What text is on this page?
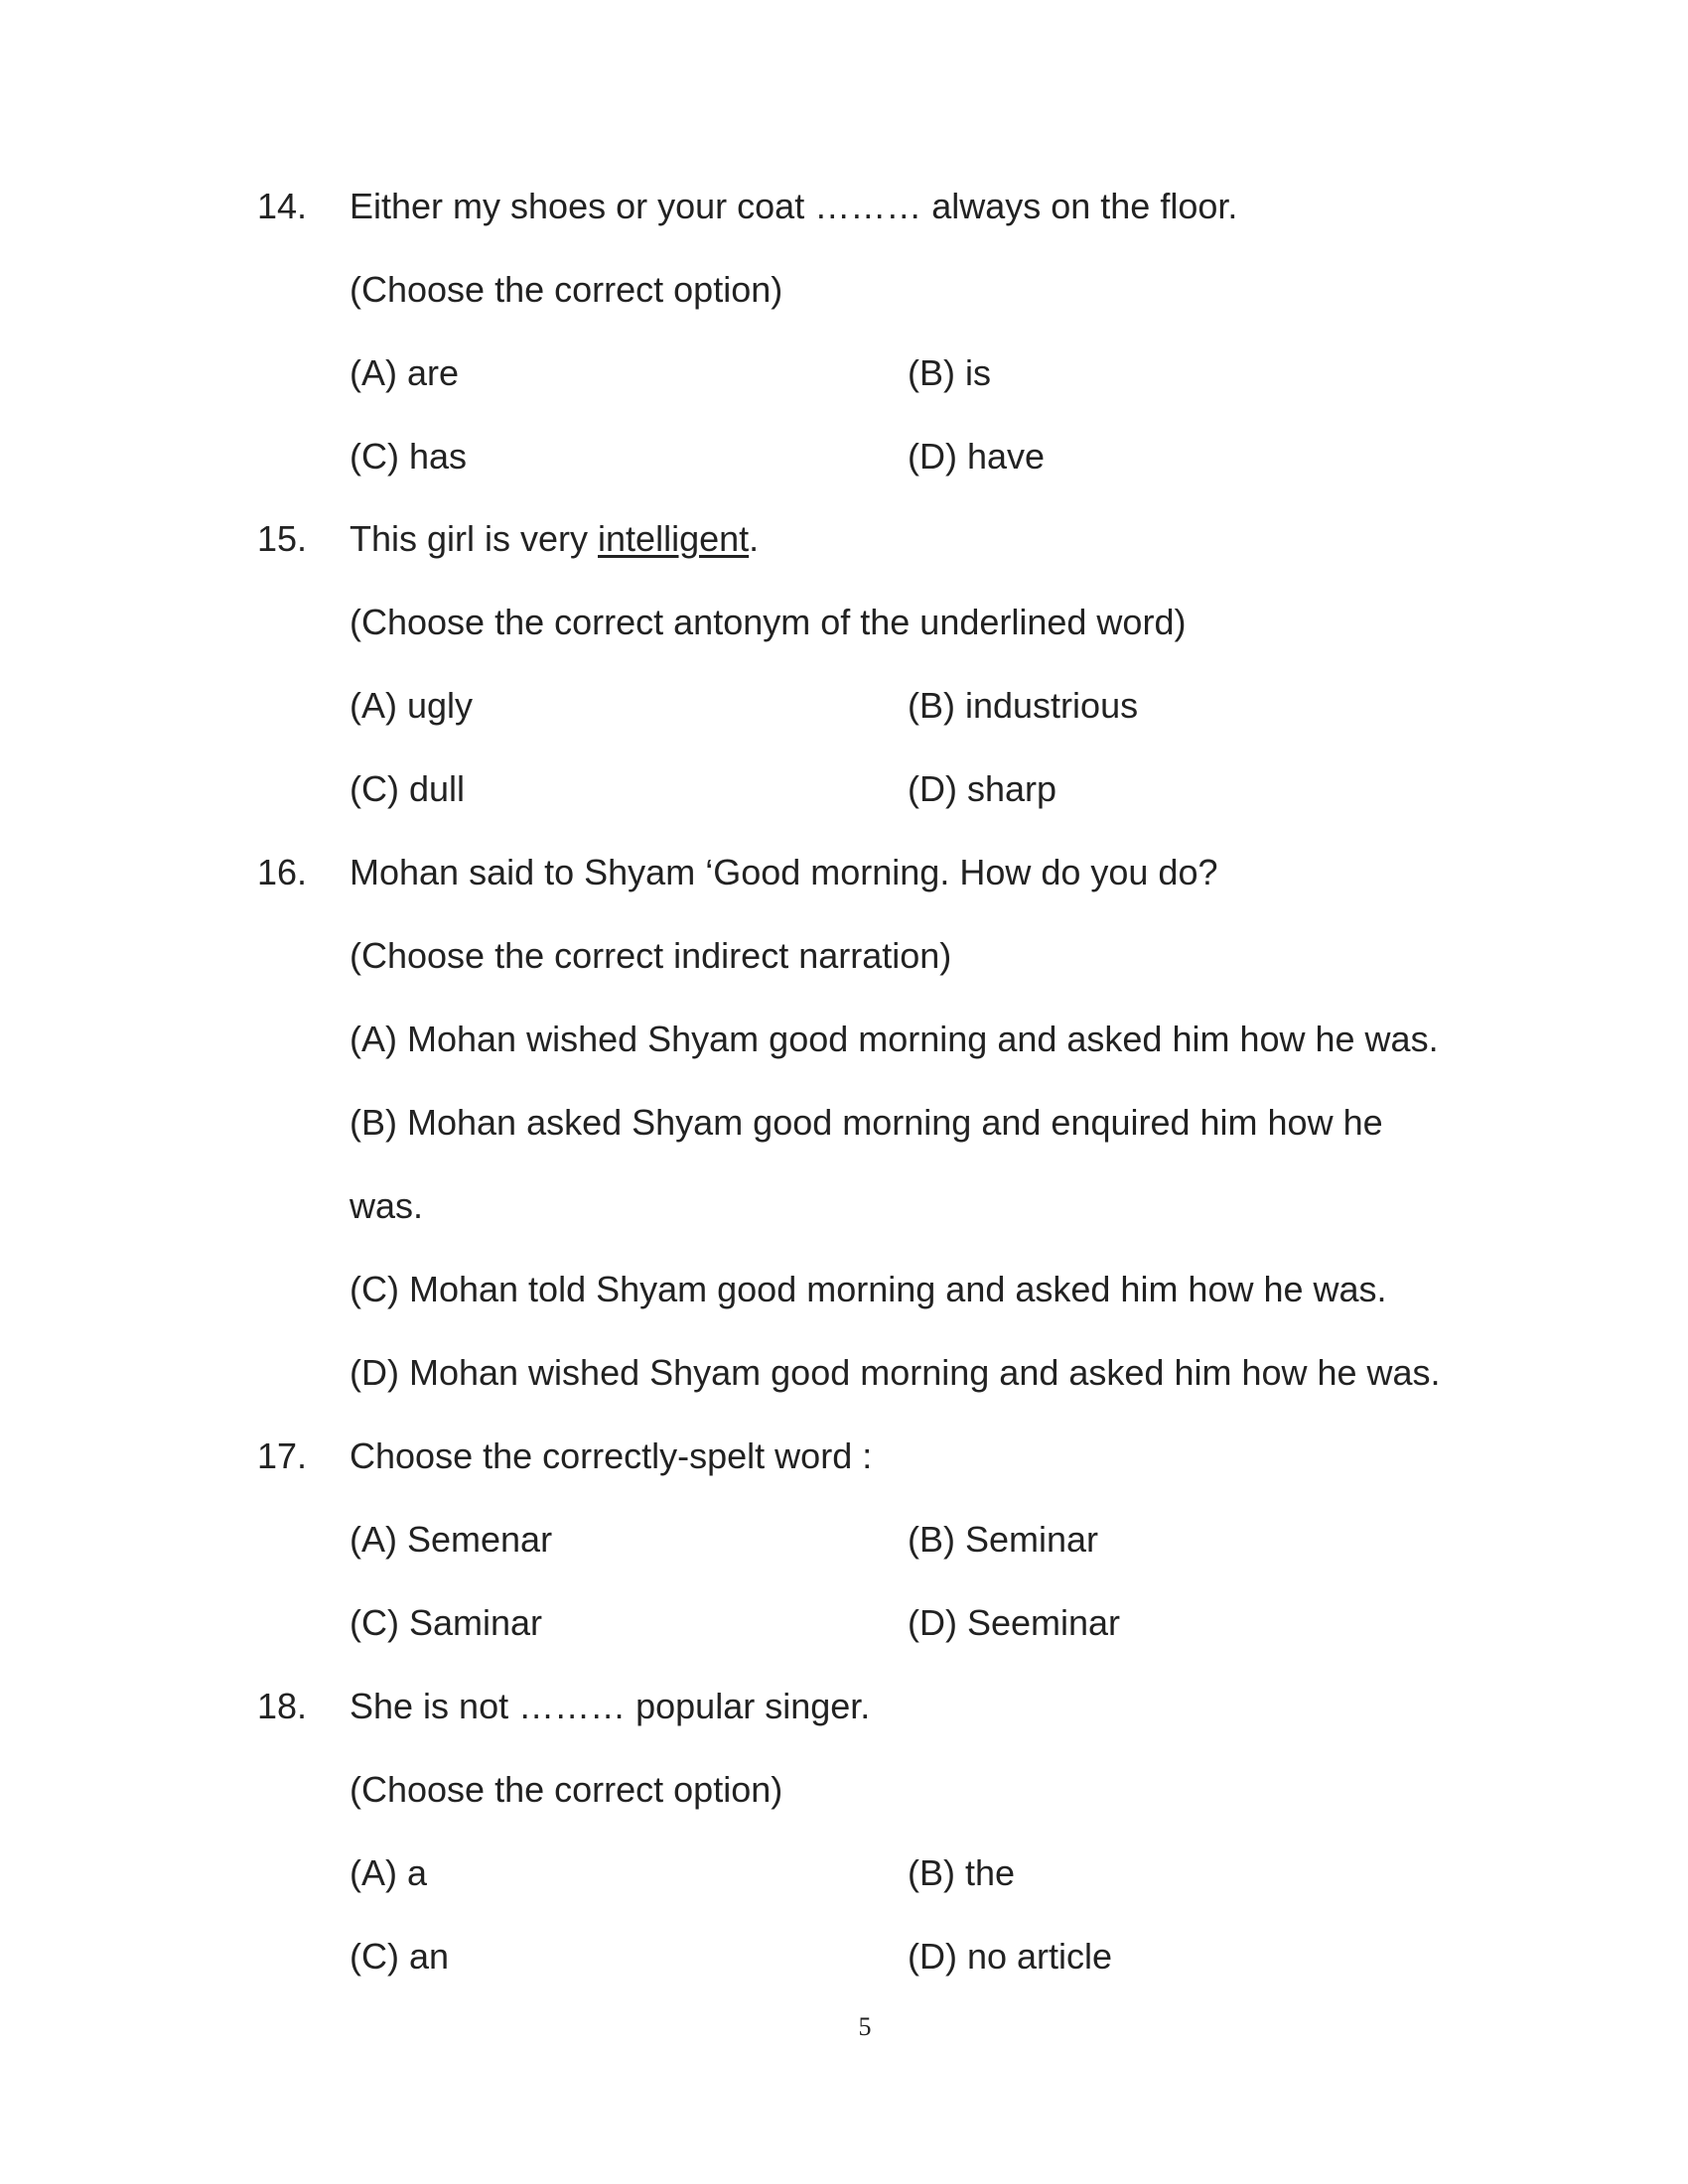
14. Either my shoes or your coat ……… always on the floor.
(Choose the correct option)
(A) are	(B) is
(C) has	(D) have
15. This girl is very intelligent.
(Choose the correct antonym of the underlined word)
(A) ugly	(B) industrious
(C) dull	(D) sharp
16. Mohan said to Shyam ‘Good morning. How do you do?
(Choose the correct indirect narration)
(A) Mohan wished Shyam good morning and asked him how he was.
(B) Mohan asked Shyam good morning and enquired him how he
was.
(C) Mohan told Shyam good morning and asked him how he was.
(D) Mohan wished Shyam good morning and asked him how he was.
17. Choose the correctly-spelt word :
(A) Semenar	(B) Seminar
(C) Saminar	(D) Seeminar
18. She is not ……… popular singer.
(Choose the correct option)
(A) a	(B) the
(C) an	(D) no article
5
